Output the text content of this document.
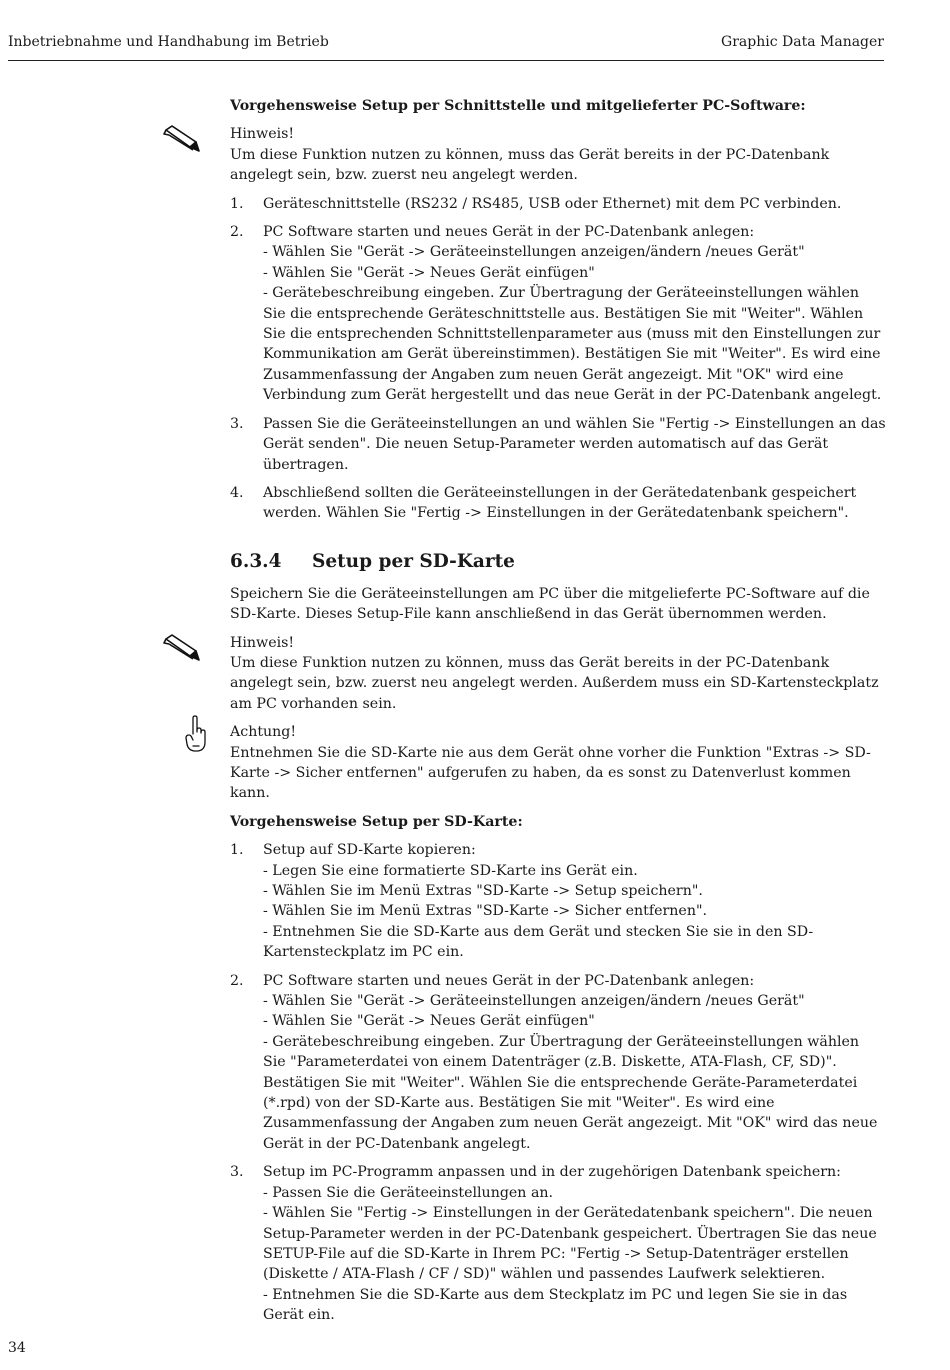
Inbetriebnahme und Handhabung im Betrieb	Graphic Data Manager
Vorgehensweise Setup per Schnittstelle und mitgelieferter PC-Software:
Hinweis!
Um diese Funktion nutzen zu können, muss das Gerät bereits in der PC-Datenbank angelegt sein, bzw. zuerst neu angelegt werden.
1. Geräteschnittstelle (RS232 / RS485, USB oder Ethernet) mit dem PC verbinden.
2. PC Software starten und neues Gerät in der PC-Datenbank anlegen:
- Wählen Sie "Gerät -> Geräteeinstellungen anzeigen/ändern /neues Gerät"
- Wählen Sie "Gerät -> Neues Gerät einfügen"
- Gerätebeschreibung eingeben. Zur Übertragung der Geräteeinstellungen wählen Sie die entsprechende Geräteschnittstelle aus. Bestätigen Sie mit "Weiter". Wählen Sie die entsprechenden Schnittstellenparameter aus (muss mit den Einstellungen zur Kommunikation am Gerät übereinstimmen). Bestätigen Sie mit "Weiter". Es wird eine Zusammenfassung der Angaben zum neuen Gerät angezeigt. Mit "OK" wird eine Verbindung zum Gerät hergestellt und das neue Gerät in der PC-Datenbank angelegt.
3. Passen Sie die Geräteeinstellungen an und wählen Sie "Fertig -> Einstellungen an das Gerät senden". Die neuen Setup-Parameter werden automatisch auf das Gerät übertragen.
4. Abschließend sollten die Geräteeinstellungen in der Gerätedatenbank gespeichert werden. Wählen Sie "Fertig -> Einstellungen in der Gerätedatenbank speichern".
6.3.4 Setup per SD-Karte
Speichern Sie die Geräteeinstellungen am PC über die mitgelieferte PC-Software auf die SD-Karte. Dieses Setup-File kann anschließend in das Gerät übernommen werden.
Hinweis!
Um diese Funktion nutzen zu können, muss das Gerät bereits in der PC-Datenbank angelegt sein, bzw. zuerst neu angelegt werden. Außerdem muss ein SD-Kartensteckplatz am PC vorhanden sein.
Achtung!
Entnehmen Sie die SD-Karte nie aus dem Gerät ohne vorher die Funktion "Extras -> SD-Karte -> Sicher entfernen" aufgerufen zu haben, da es sonst zu Datenverlust kommen kann.
Vorgehensweise Setup per SD-Karte:
1. Setup auf SD-Karte kopieren:
- Legen Sie eine formatierte SD-Karte ins Gerät ein.
- Wählen Sie im Menü Extras "SD-Karte -> Setup speichern".
- Wählen Sie im Menü Extras "SD-Karte -> Sicher entfernen".
- Entnehmen Sie die SD-Karte aus dem Gerät und stecken Sie sie in den SD-Kartensteckplatz im PC ein.
2. PC Software starten und neues Gerät in der PC-Datenbank anlegen:
- Wählen Sie "Gerät -> Geräteeinstellungen anzeigen/ändern /neues Gerät"
- Wählen Sie "Gerät -> Neues Gerät einfügen"
- Gerätebeschreibung eingeben. Zur Übertragung der Geräteeinstellungen wählen Sie "Parameterdatei von einem Datenträger (z.B. Diskette, ATA-Flash, CF, SD)". Bestätigen Sie mit "Weiter". Wählen Sie die entsprechende Geräte-Parameterdatei (*.rpd) von der SD-Karte aus. Bestätigen Sie mit "Weiter". Es wird eine Zusammenfassung der Angaben zum neuen Gerät angezeigt. Mit "OK" wird das neue Gerät in der PC-Datenbank angelegt.
3. Setup im PC-Programm anpassen und in der zugehörigen Datenbank speichern:
- Passen Sie die Geräteeinstellungen an.
- Wählen Sie "Fertig -> Einstellungen in der Gerätedatenbank speichern". Die neuen Setup-Parameter werden in der PC-Datenbank gespeichert. Übertragen Sie das neue SETUP-File auf die SD-Karte in Ihrem PC: "Fertig -> Setup-Datenträger erstellen (Diskette / ATA-Flash / CF / SD)" wählen und passendes Laufwerk selektieren.
- Entnehmen Sie die SD-Karte aus dem Steckplatz im PC und legen Sie sie in das Gerät ein.
34
